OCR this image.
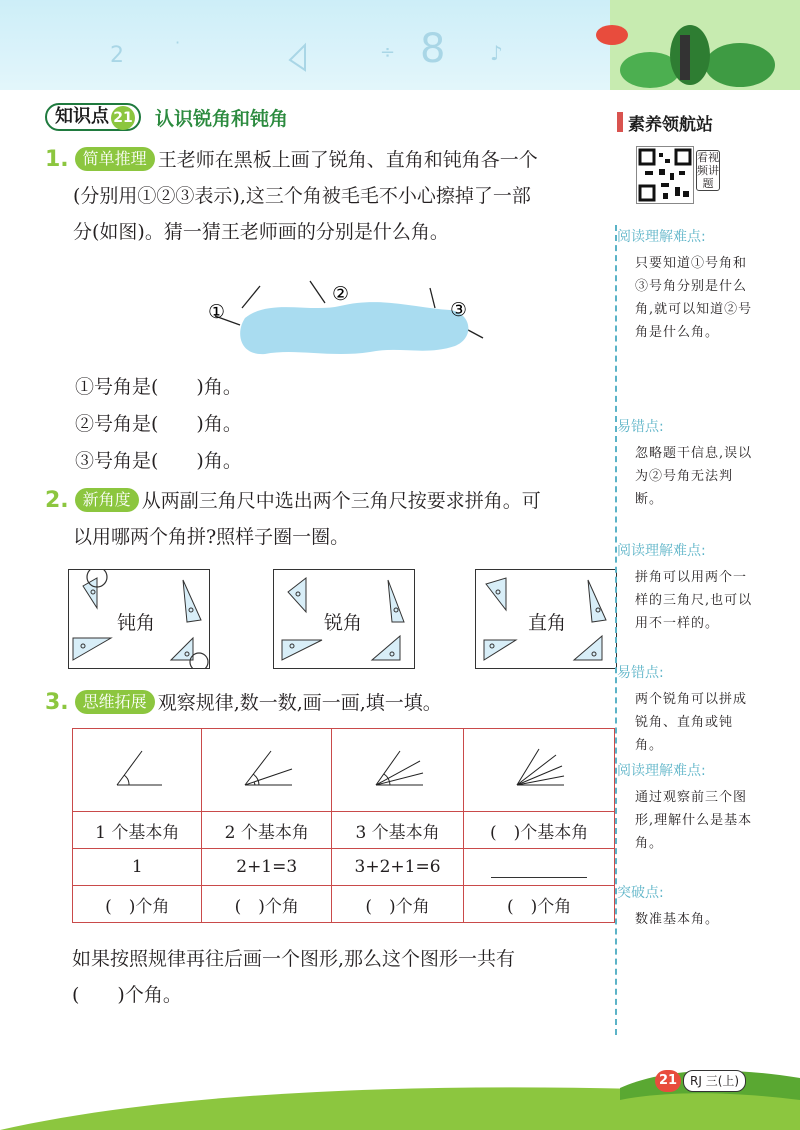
2
·	÷ 8 ♪
知识点 21	认识锐角和钝角
1. 简单推理 王老师在黑板上画了锐角、直角和钝角各一个
(分别用①②③表示),这三个角被毛毛不小心擦掉了一部
分(如图)。猜一猜王老师画的分别是什么角。
①
②
③
①号角是(　　)角。
②号角是(　　)角。
③号角是(　　)角。
2. 新角度 从两副三角尺中选出两个三角尺按要求拼角。可
以用哪两个角拼?照样子圈一圈。
钝角	锐角	直角
3. 思维拓展 观察规律,数一数,画一画,填一填。

1 个基本角	2 个基本角	3 个基本角	(　)个基本角
1	2+1=3	3+2+1=6	

(　)个角	(　)个角	(　)个角	(　)个角
如果按照规律再往后画一个图形,那么这个图形一共有
(　　)个角。
素养领航站
看视频讲题
阅读理解难点:
只要知道①号角和③号角分别是什么角,就可以知道②号角是什么角。
易错点:
忽略题干信息,误以为②号角无法判断。
阅读理解难点:
拼角可以用两个一样的三角尺,也可以用不一样的。
易错点:
两个锐角可以拼成锐角、直角或钝角。
阅读理解难点:
通过观察前三个图形,理解什么是基本角。
突破点:
数准基本角。
21	RJ 三(上)
